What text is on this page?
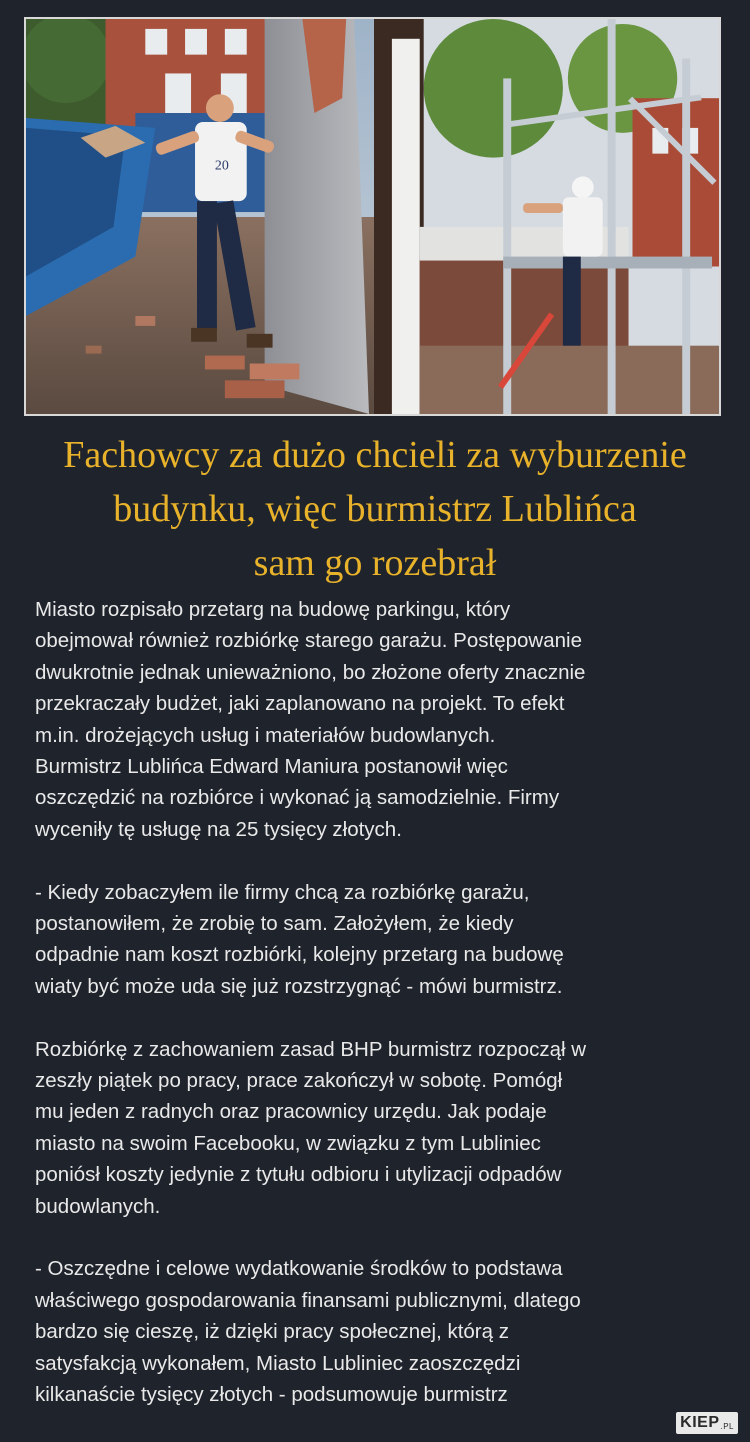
20
Fachowcy za dużo chcieli za wyburzenie
budynku, więc burmistrz Lublińca
sam go rozebrał

Miasto rozpisało przetarg na budowę parkingu, który
obejmował również rozbiórkę starego garażu. Postępowanie
dwukrotnie jednak unieważniono, bo złożone oferty znacznie
przekraczały budżet, jaki zaplanowano na projekt. To efekt
m.in. drożejących usług i materiałów budowlanych.
Burmistrz Lublińca Edward Maniura postanowił więc
oszczędzić na rozbiórce i wykonać ją samodzielnie. Firmy
wyceniły tę usługę na 25 tysięcy złotych.

- Kiedy zobaczyłem ile firmy chcą za rozbiórkę garażu,
postanowiłem, że zrobię to sam. Założyłem, że kiedy
odpadnie nam koszt rozbiórki, kolejny przetarg na budowę
wiaty być może uda się już rozstrzygnąć - mówi burmistrz.

Rozbiórkę z zachowaniem zasad BHP burmistrz rozpoczął w
zeszły piątek po pracy, prace zakończył w sobotę. Pomógł
mu jeden z radnych oraz pracownicy urzędu. Jak podaje
miasto na swoim Facebooku, w związku z tym Lubliniec
poniósł koszty jedynie z tytułu odbioru i utylizacji odpadów
budowlanych.

- Oszczędne i celowe wydatkowanie środków to podstawa
właściwego gospodarowania finansami publicznymi, dlatego
bardzo się cieszę, iż dzięki pracy społecznej, którą z
satysfakcją wykonałem, Miasto Lubliniec zaoszczędzi
kilkanaście tysięcy złotych - podsumowuje burmistrz

KIEP .PL
